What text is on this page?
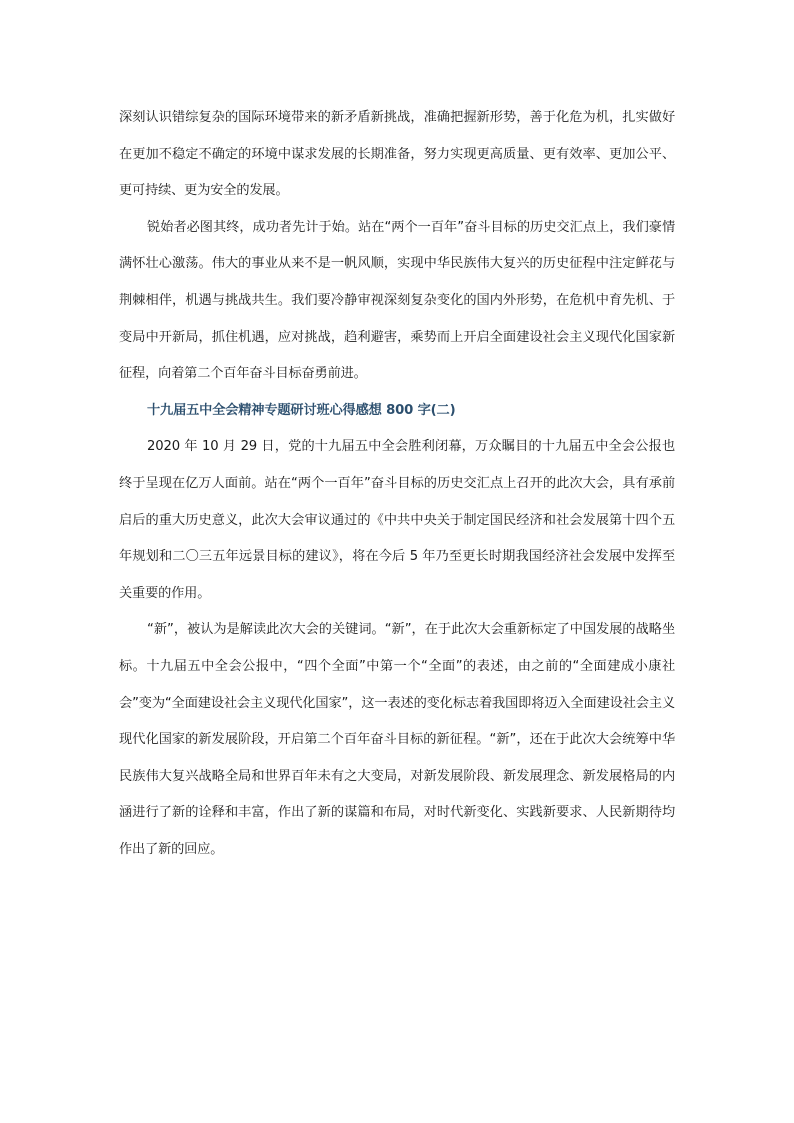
深刻认识错综复杂的国际环境带来的新矛盾新挑战，准确把握新形势，善于化危为机，扎实做好在更加不稳定不确定的环境中谋求发展的长期准备，努力实现更高质量、更有效率、更加公平、更可持续、更为安全的发展。

锐始者必图其终，成功者先计于始。站在“两个一百年”奋斗目标的历史交汇点上，我们豪情满怀壮心激荡。伟大的事业从来不是一帆风顺，实现中华民族伟大复兴的历史征程中注定鲜花与荆棘相伴，机遇与挑战共生。我们要冷静审视深刻复杂变化的国内外形势，在危机中育先机、于变局中开新局，抓住机遇，应对挑战，趋利避害，乘势而上开启全面建设社会主义现代化国家新征程，向着第二个百年奋斗目标奋勇前进。

十九届五中全会精神专题研讨班心得感想 800 字(二)

2020 年 10 月 29 日，党的十九届五中全会胜利闭幕，万众瞩目的十九届五中全会公报也终于呈现在亿万人面前。站在“两个一百年”奋斗目标的历史交汇点上召开的此次大会，具有承前启后的重大历史意义，此次大会审议通过的《中共中央关于制定国民经济和社会发展第十四个五年规划和二〇三五年远景目标的建议》，将在今后 5 年乃至更长时期我国经济社会发展中发挥至关重要的作用。

“新”，被认为是解读此次大会的关键词。“新”，在于此次大会重新标定了中国发展的战略坐标。十九届五中全会公报中，“四个全面”中第一个“全面”的表述，由之前的“全面建成小康社会”变为“全面建设社会主义现代化国家”，这一表述的变化标志着我国即将迈入全面建设社会主义现代化国家的新发展阶段，开启第二个百年奋斗目标的新征程。“新”，还在于此次大会统筹中华民族伟大复兴战略全局和世界百年未有之大变局，对新发展阶段、新发展理念、新发展格局的内涵进行了新的诠释和丰富，作出了新的谋篇和布局，对时代新变化、实践新要求、人民新期待均作出了新的回应。
